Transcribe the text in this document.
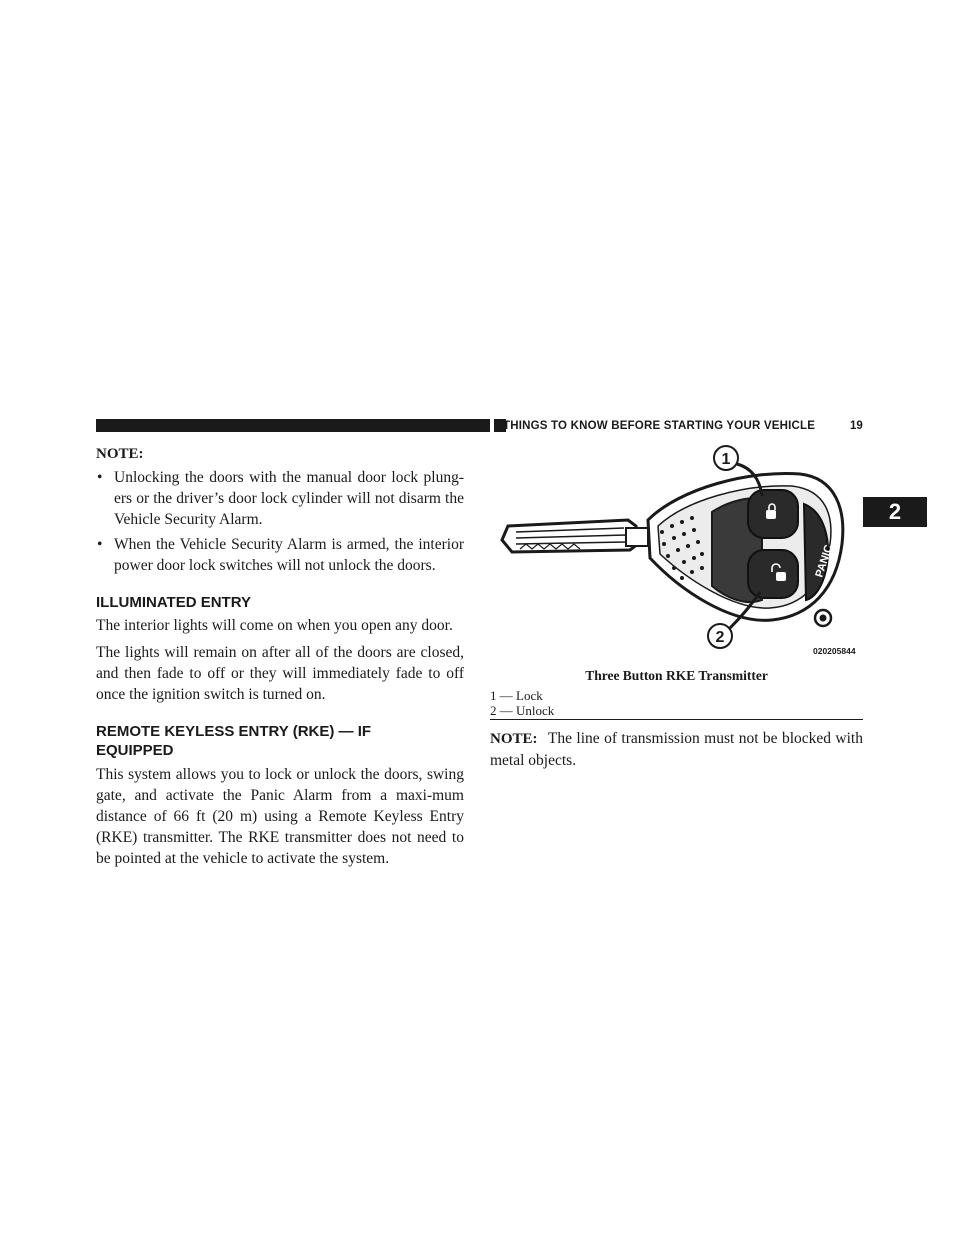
THINGS TO KNOW BEFORE STARTING YOUR VEHICLE	19
2

NOTE:

• Unlocking the doors with the manual door lock plung-ers or the driver’s door lock cylinder will not disarm the Vehicle Security Alarm.
• When the Vehicle Security Alarm is armed, the interior power door lock switches will not unlock the doors.
ILLUMINATED ENTRY

The interior lights will come on when you open any door.

The lights will remain on after all of the doors are closed, and then fade to off or they will immediately fade to off once the ignition switch is turned on.

REMOTE KEYLESS ENTRY (RKE) — IF EQUIPPED

This system allows you to lock or unlock the doors, swing gate, and activate the Panic Alarm from a maxi-mum distance of 66 ft (20 m) using a Remote Keyless Entry (RKE) transmitter. The RKE transmitter does not need to be pointed at the vehicle to activate the system.

PANIC
1
2
020205844
Three Button RKE Transmitter
1 — Lock
2 — Unlock
NOTE: The line of transmission must not be blocked with metal objects.
